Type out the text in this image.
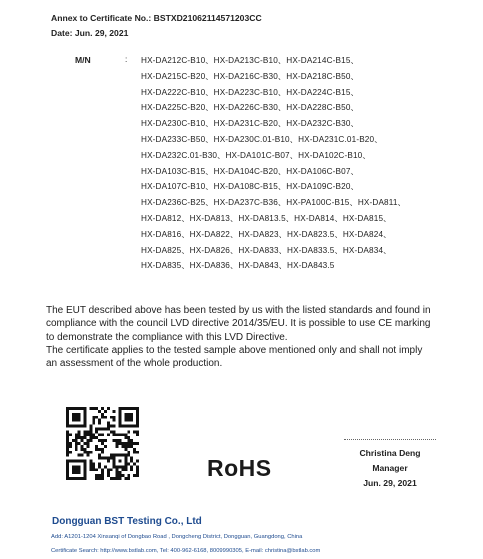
Annex to Certificate No.: BSTXD21062114571203CC
Date: Jun. 29, 2021
M/N	: HX-DA212C-B10、HX-DA213C-B10、HX-DA214C-B15、
HX-DA215C-B20、HX-DA216C-B30、HX-DA218C-B50、
HX-DA222C-B10、HX-DA223C-B10、HX-DA224C-B15、
HX-DA225C-B20、HX-DA226C-B30、HX-DA228C-B50、
HX-DA230C-B10、HX-DA231C-B20、HX-DA232C-B30、
HX-DA233C-B50、HX-DA230C.01-B10、HX-DA231C.01-B20、
HX-DA232C.01-B30、HX-DA101C-B07、HX-DA102C-B10、
HX-DA103C-B15、HX-DA104C-B20、HX-DA106C-B07、
HX-DA107C-B10、HX-DA108C-B15、HX-DA109C-B20、
HX-DA236C-B25、HX-DA237C-B36、HX-PA100C-B15、HX-DA811、
HX-DA812、HX-DA813、HX-DA813.5、HX-DA814、HX-DA815、
HX-DA816、HX-DA822、HX-DA823、HX-DA823.5、HX-DA824、
HX-DA825、HX-DA826、HX-DA833、HX-DA833.5、HX-DA834、
HX-DA835、HX-DA836、HX-DA843、HX-DA843.5
The EUT described above has been tested by us with the listed standards and found in
compliance with the council LVD directive 2014/35/EU. It is possible to use CE marking
to demonstrate the compliance with this LVD Directive.
The certificate applies to the tested sample above mentioned only and shall not imply
an assessment of the whole production.
RoHS
Christina Deng
Manager
Jun. 29, 2021
Dongguan BST Testing Co., Ltd
Add: A1201-1204 Xinsanqi of Dongbao Road , Dongcheng District, Dongguan, Guangdong, China
Certificate Search: http://www.bstlab.com, Tel: 400-962-6168, 8009990305, E-mail: christina@bstlab.com
